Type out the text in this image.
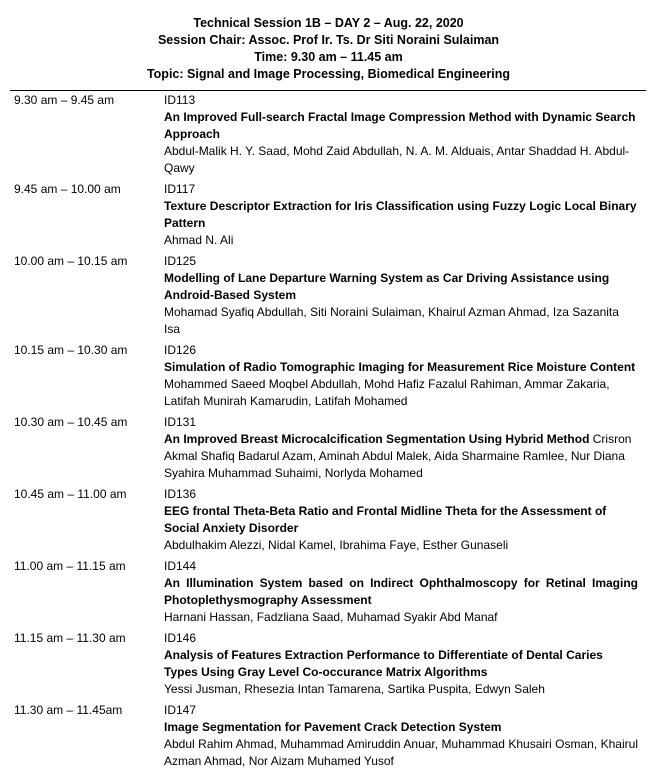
Technical Session 1B – DAY 2 – Aug. 22, 2020
Session Chair: Assoc. Prof Ir. Ts. Dr Siti Noraini Sulaiman
Time: 9.30 am – 11.45 am
Topic: Signal and Image Processing, Biomedical Engineering
9.30 am – 9.45 am	ID113
An Improved Full-search Fractal Image Compression Method with Dynamic Search Approach
Abdul-Malik H. Y. Saad, Mohd Zaid Abdullah, N. A. M. Alduais, Antar Shaddad H. Abdul-Qawy
9.45 am – 10.00 am	ID117
Texture Descriptor Extraction for Iris Classification using Fuzzy Logic Local Binary Pattern
Ahmad N. Ali
10.00 am – 10.15 am	ID125
Modelling of Lane Departure Warning System as Car Driving Assistance using Android-Based System
Mohamad Syafiq Abdullah, Siti Noraini Sulaiman, Khairul Azman Ahmad, Iza Sazanita Isa
10.15 am – 10.30 am	ID126
Simulation of Radio Tomographic Imaging for Measurement Rice Moisture Content
Mohammed Saeed Moqbel Abdullah, Mohd Hafiz Fazalul Rahiman, Ammar Zakaria, Latifah Munirah Kamarudin, Latifah Mohamed
10.30 am – 10.45 am	ID131
An Improved Breast Microcalcification Segmentation Using Hybrid Method Crisron Akmal Shafiq Badarul Azam, Aminah Abdul Malek, Aida Sharmaine Ramlee, Nur Diana Syahira Muhammad Suhaimi, Norlyda Mohamed
10.45 am – 11.00 am	ID136
EEG frontal Theta-Beta Ratio and Frontal Midline Theta for the Assessment of Social Anxiety Disorder
Abdulhakim Alezzi, Nidal Kamel, Ibrahima Faye, Esther Gunaseli
11.00 am – 11.15 am	ID144
An Illumination System based on Indirect Ophthalmoscopy for Retinal Imaging Photoplethysmography Assessment
Harnani Hassan, Fadzliana Saad, Muhamad Syakir Abd Manaf
11.15 am – 11.30 am	ID146
Analysis of Features Extraction Performance to Differentiate of Dental Caries Types Using Gray Level Co-occurance Matrix Algorithms
Yessi Jusman, Rhesezia Intan Tamarena, Sartika Puspita, Edwyn Saleh
11.30 am – 11.45am	ID147
Image Segmentation for Pavement Crack Detection System
Abdul Rahim Ahmad, Muhammad Amiruddin Anuar, Muhammad Khusairi Osman, Khairul Azman Ahmad, Nor Aizam Muhamed Yusof
